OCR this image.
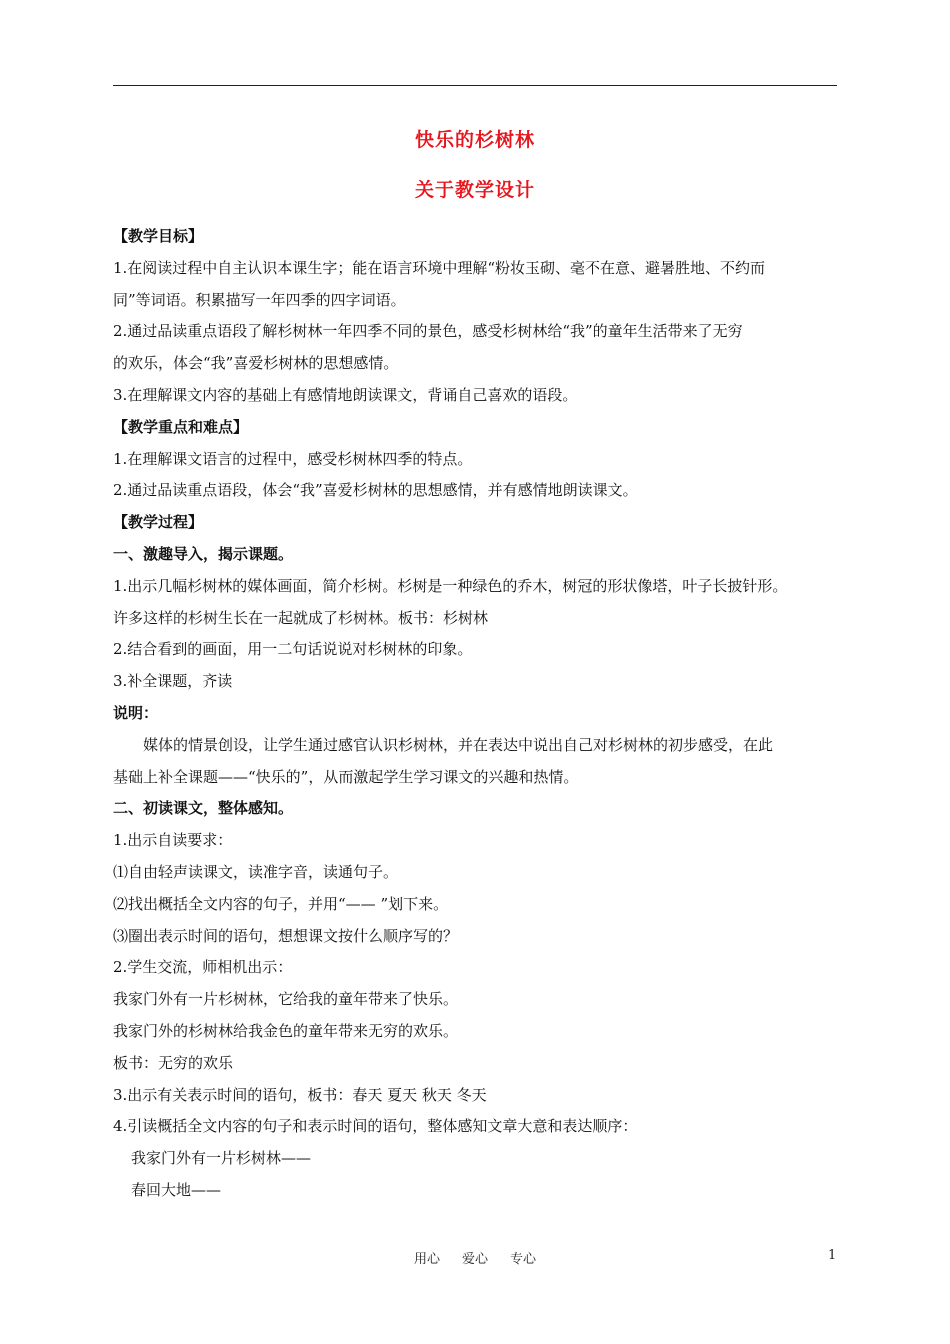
快乐的杉树林
关于教学设计
【教学目标】
1.在阅读过程中自主认识本课生字；能在语言环境中理解“粉妆玉砌、毫不在意、避暑胜地、不约而
同”等词语。积累描写一年四季的四字词语。
2.通过品读重点语段了解杉树林一年四季不同的景色，感受杉树林给“我”的童年生活带来了无穷
的欢乐，体会“我”喜爱杉树林的思想感情。
3.在理解课文内容的基础上有感情地朗读课文，背诵自己喜欢的语段。
【教学重点和难点】
1.在理解课文语言的过程中，感受杉树林四季的特点。
2.通过品读重点语段，体会“我”喜爱杉树林的思想感情，并有感情地朗读课文。
【教学过程】
一、激趣导入，揭示课题。
1.出示几幅杉树林的媒体画面，简介杉树。杉树是一种绿色的乔木，树冠的形状像塔，叶子长披针形。
许多这样的杉树生长在一起就成了杉树林。板书：杉树林
2.结合看到的画面，用一二句话说说对杉树林的印象。
3.补全课题，齐读
说明：
媒体的情景创设，让学生通过感官认识杉树林，并在表达中说出自己对杉树林的初步感受，在此
基础上补全课题——“快乐的”，从而激起学生学习课文的兴趣和热情。
二、初读课文，整体感知。
1.出示自读要求：
⑴自由轻声读课文，读准字音，读通句子。
⑵找出概括全文内容的句子，并用“—— ”划下来。
⑶圈出表示时间的语句，想想课文按什么顺序写的？
2.学生交流，师相机出示：
我家门外有一片杉树林，它给我的童年带来了快乐。
我家门外的杉树林给我金色的童年带来无穷的欢乐。
板书：无穷的欢乐
3.出示有关表示时间的语句，板书：春天 夏天 秋天 冬天
4.引读概括全文内容的句子和表示时间的语句，整体感知文章大意和表达顺序：
我家门外有一片杉树林——
春回大地——
用心 爱心 专心	1
